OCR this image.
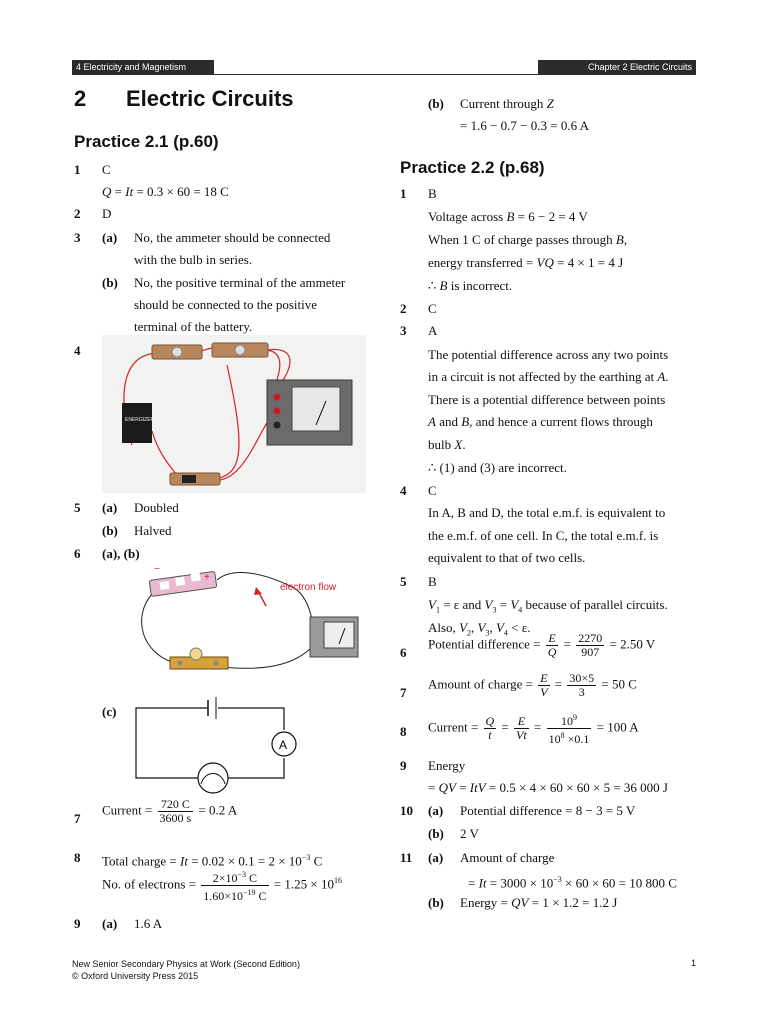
4 Electricity and Magnetism	Chapter 2 Electric Circuits
2 Electric Circuits
Practice 2.1 (p.60)
1 C
Q = It = 0.3 × 60 = 18 C
2 D
3 (a) No, the ammeter should be connected
with the bulb in series.
(b) No, the positive terminal of the ammeter
should be connected to the positive
terminal of the battery.
4
ENERGIZER
5 (a) Doubled
(b) Halved
6 (a), (b)
electron flow
−
+
(c)
A
7
Current = $\frac{720 C}{3600 s} = 0.2$ A
8 Total charge = $It = 0.02 \times 0.1 = 2 \times 10^{-3}$ C
No. of electrons = $\frac{2\times 10^{-3} C}{1.60\times 10^{-19} C} = 1.25 \times 10^{16}$
9 (a) 1.6 A
(b) Current through Z
= 1.6 − 0.7 − 0.3 = 0.6 A
Practice 2.2 (p.68)
1 B
Voltage across B = 6 − 2 = 4 V
When 1 C of charge passes through B,
energy transferred = VQ = 4 × 1 = 4 J
∴ B is incorrect.
2 C
3 A
The potential difference across any two points
in a circuit is not affected by the earthing at A.
There is a potential difference between points
A and B, and hence a current flows through
bulb X.
∴ (1) and (3) are incorrect.
4 C
In A, B and D, the total e.m.f. is equivalent to
the e.m.f. of one cell. In C, the total e.m.f. is
equivalent to that of two cells.
5 B
$V_1 = \varepsilon$ and $V_3 = V_4$ because of parallel circuits.
Also, $V_2$, $V_3$, $V_4 < \varepsilon$.
6
Potential difference = $\frac{E}{Q} = \frac{2270}{907} = 2.50$ V
7
Amount of charge = $\frac{E}{V} = \frac{30\times 5}{3} = 50$ C
8 Current = $\frac{Q}{t} = \frac{E}{Vt} = \frac{10^9}{10^8 \times 0.1} = 100$ A
9 Energy
= QV = ItV = 0.5 × 4 × 60 × 60 × 5 = 36 000 J
10 (a) Potential difference = 8 − 3 = 5 V
(b) 2 V
11 (a) Amount of charge
= $It = 3000 \times 10^{-3} \times 60 \times 60 = 10$ 800 C
(b) Energy = QV = 1 × 1.2 = 1.2 J
New Senior Secondary Physics at Work (Second Edition)
© Oxford University Press 2015
1
